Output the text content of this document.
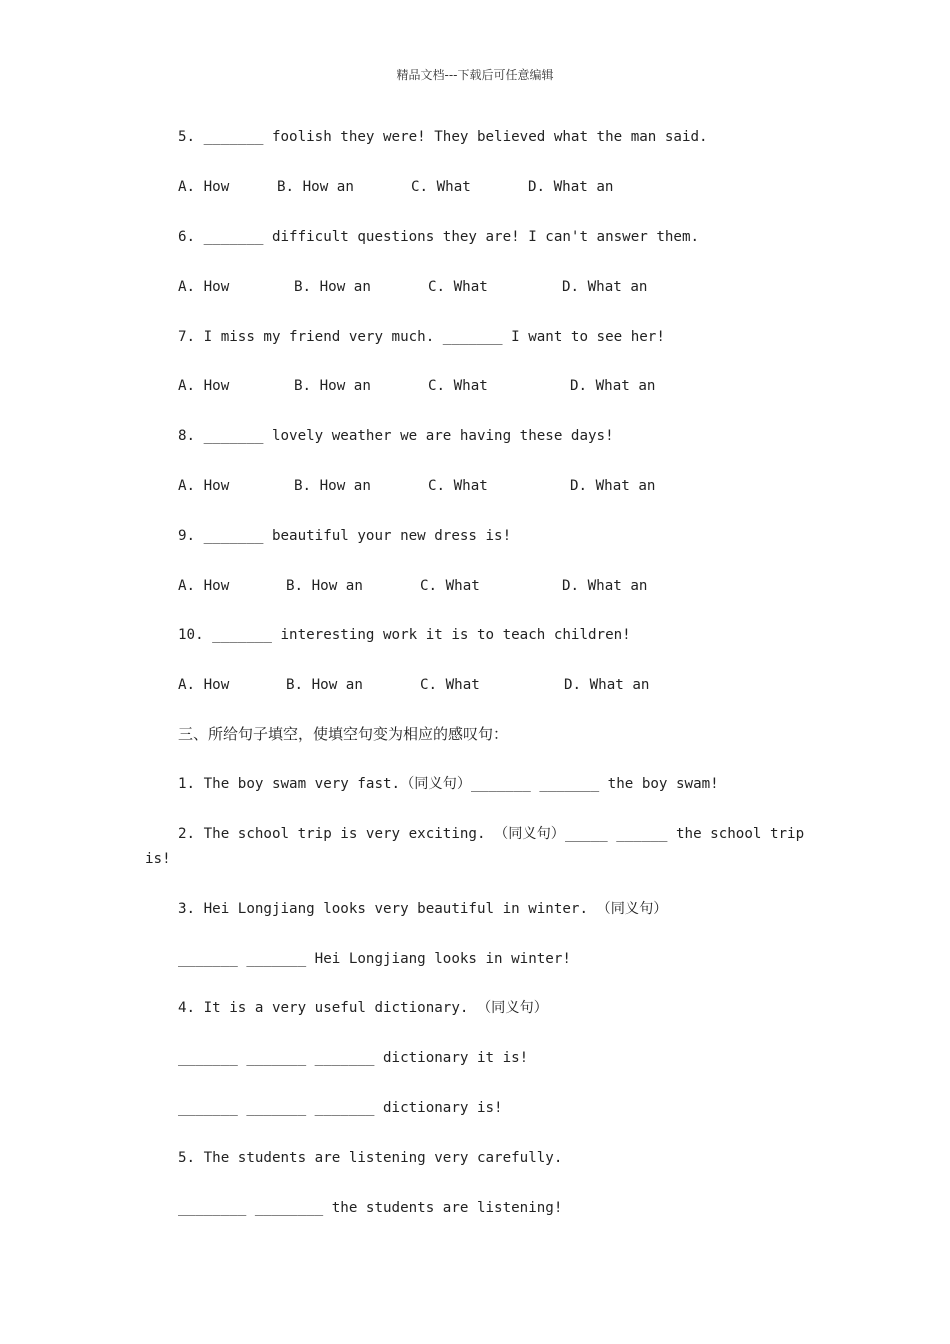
精品文档---下载后可任意编辑
5. _______ foolish they were! They believed what the man said.
A. How	B. How an	C. What	D. What an
6. _______ difficult questions they are! I can't answer them.
A. How	B. How an	C. What	D. What an
7. I miss my friend very much. _______ I want to see her!
A. How	B. How an	C. What	D. What an
8. _______ lovely weather we are having these days!
A. How	B. How an	C. What	D. What an
9. _______ beautiful your new dress is!
A. How	B. How an	C. What	D. What an
10. _______ interesting work it is to teach children!
A. How	B. How an	C. What	D. What an
三、所给句子填空，使填空句变为相应的感叹句：
1. The boy swam very fast.（同义句）_______ _______ the boy swam!
2. The school trip is very exciting. （同义句）_____ ______ the school trip
is!
3. Hei Longjiang looks very beautiful in winter. （同义句）
_______ _______ Hei Longjiang looks in winter!
4. It is a very useful dictionary. （同义句）
_______ _______ _______ dictionary it is!
_______ _______ _______ dictionary is!
5. The students are listening very carefully.
________ ________ the students are listening!
